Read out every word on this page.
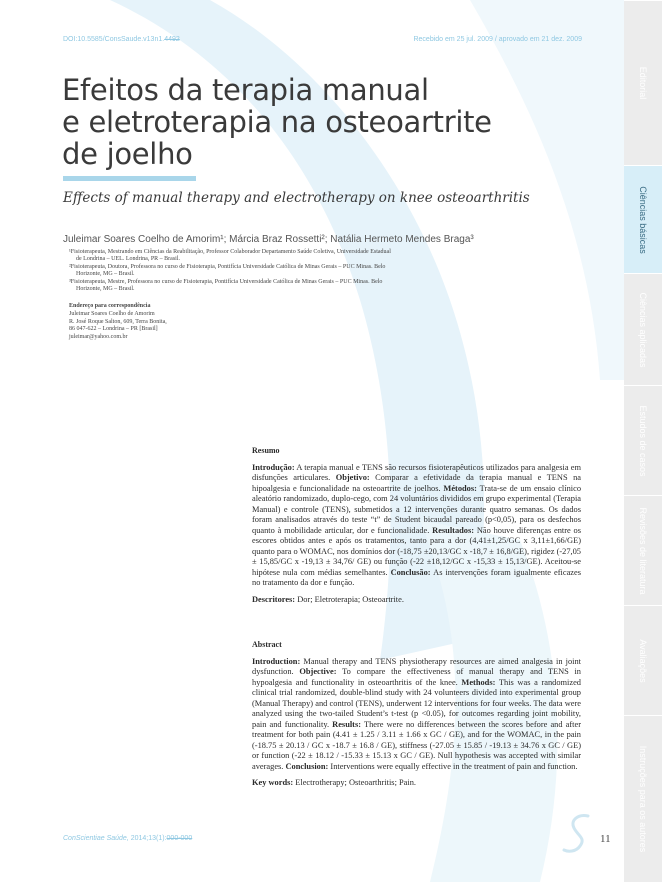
DOI:10.5585/ConsSaude.v13n1.4492	Recebido em 25 jul. 2009 / aprovado em 21 dez. 2009
Efeitos da terapia manual
e eletroterapia na osteoartrite
de joelho
Effects of manual therapy and electrotherapy on knee osteoarthritis
Juleimar Soares Coelho de Amorim¹; Márcia Braz Rossetti²; Natália Hermeto Mendes Braga³
¹Fisioterapeuta, Mestrando em Ciências da Reabilitação, Professor Colaborador Departamento Saúde Coletiva, Universidade Estadual
de Londrina – UEL. Londrina, PR – Brasil.
²Fisioterapeuta, Doutora, Professora no curso de Fisioterapia, Pontifícia Universidade Católica de Minas Gerais – PUC Minas. Belo
Horizonte, MG – Brasil.
³Fisioterapeuta, Mestre, Professora no curso de Fisioterapia, Pontifícia Universidade Católica de Minas Gerais – PUC Minas. Belo
Horizonte, MG – Brasil.
Endereço para correspondência
Juleimar Soares Coelho de Amorim
R. José Roque Salton, 609, Terra Bonita,
86 047-622 – Londrina – PR [Brasil]
juleimar@yahoo.com.br
Resumo
Introdução: A terapia manual e TENS são recursos fisioterapêuticos utilizados para analgesia em disfunções articulares. Objetivo: Comparar a efetividade da terapia manual e TENS na hipoalgesia e funcionalidade na osteoartrite de joelhos. Métodos: Trata-se de um ensaio clínico aleatório randomizado, duplo-cego, com 24 voluntários divididos em grupo experimental (Terapia Manual) e controle (TENS), submetidos a 12 intervenções durante quatro semanas. Os dados foram analisados através do teste “t” de Student bicaudal pareado (p<0,05), para os desfechos quanto à mobilidade articular, dor e funcionalidade. Resultados: Não houve diferenças entre os escores obtidos antes e após os tratamentos, tanto para a dor (4,41±1,25/GC x 3,11±1,66/GE) quanto para o WOMAC, nos domínios dor (-18,75 ±20,13/GC x -18,7 ± 16,8/GE), rigidez (-27,05 ± 15,85/GC x -19,13 ± 34,76/ GE) ou função (-22 ±18,12/GC x -15,33 ± 15,13/GE). Aceitou-se hipótese nula com médias semelhantes. Conclusão: As intervenções foram igualmente eficazes no tratamento da dor e função.
Descritores: Dor; Eletroterapia; Osteoartrite.
Abstract
Introduction: Manual therapy and TENS physiotherapy resources are aimed analgesia in joint dysfunction. Objective: To compare the effectiveness of manual therapy and TENS in hypoalgesia and functionality in osteoarthritis of the knee. Methods: This was a randomized clinical trial randomized, double-blind study with 24 volunteers divided into experimental group (Manual Therapy) and control (TENS), underwent 12 interventions for four weeks. The data were analyzed using the two-tailed Student’s t-test (p <0.05), for outcomes regarding joint mobility, pain and functionality. Results: There were no differences between the scores before and after treatment for both pain (4.41 ± 1.25 / 3.11 ± 1.66 x GC / GE), and for the WOMAC, in the pain (-18.75 ± 20.13 / GC x -18.7 ± 16.8 / GE), stiffness (-27.05 ± 15.85 / -19.13 ± 34.76 x GC / GE) or function (-22 ± 18.12 / -15.33 ± 15.13 x GC / GE). Null hypothesis was accepted with similar averages. Conclusion: Interventions were equally effective in the treatment of pain and function.
Key words: Electrotherapy; Osteoarthritis; Pain.
Editorial
Ciências básicas
Ciências aplicadas
Estudos de casos
Revisões de literatura
Avaliações
Instruções para os autores
ConScientiae Saúde, 2014;13(1):000-000	11
